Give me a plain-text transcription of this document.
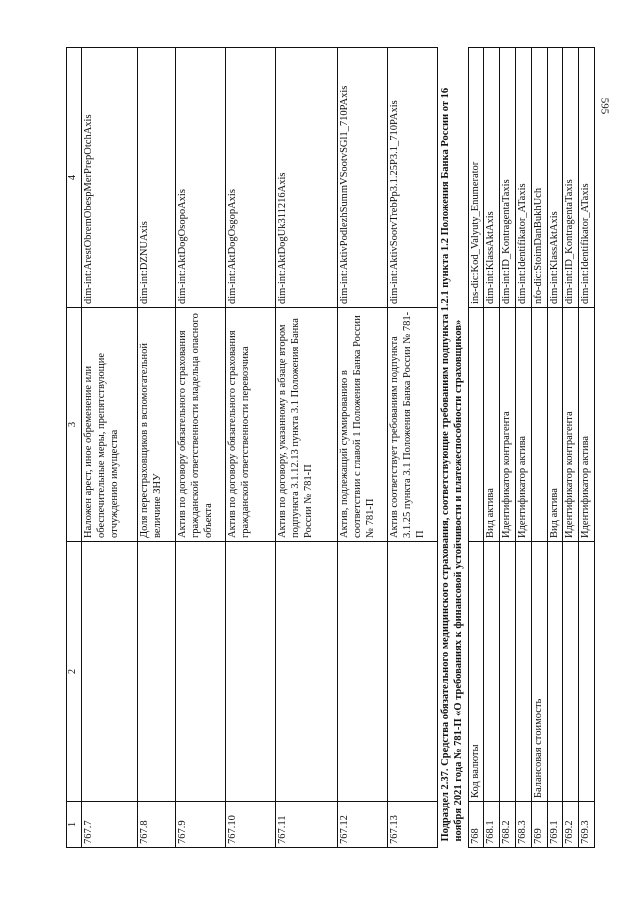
595
1	2	3	4
767.7		Наложен арест, иное обременение или обеспечительные меры, препятствующие отчуждению имущества	dim-int:ArestObremObespMerPrepOtchAxis
767.8		Доля перестраховщиков в вспомогательной величине ЗНУ	dim-int:DZNUAxis
767.9		Актив по договору обязательного страхования гражданской ответственности владельца опасного объекта	dim-int:AktDogOsopoAxis
767.10		Актив по договору обязательного страхования гражданской ответственности перевозчика	dim-int:AktDogOsgopAxis
767.11		Актив по договору, указанному в абзаце втором подпункта 3.1.12.13 пункта 3.1 Положения Банка России № 781-П	dim-int:AktDogUk311216Axis
767.12		Актив, подлежащий суммированию в соответствии с главой 1 Положения Банка России № 781-П	dim-int:AktivPodlezhSummVSootvSGl1_710PAxis
767.13		Актив соответствует требованиям подпункта 3.1.25 пункта 3.1 Положения Банка России № 781-П	dim-int:AktivSootvTrebPp3.1.25P3.1_710PAxis

Подраздел 2.37. Средства обязательного медицинского страхования, соответствующие требованиям подпункта 1.2.1 пункта 1.2 Положения Банка России от 16 ноября 2021 года № 781-П «О требованиях к финансовой устойчивости и платежеспособности страховщиков»			

768	Код валюты		ins-dic:Kod_Valyuty_Enumerator
768.1		Вид актива	dim-int:KlassAktAxis
768.2		Идентификатор контрагента	dim-int:ID_KontragentaTaxis
768.3		Идентификатор актива	dim-int:Identifikator_ATaxis
769	Балансовая стоимость		nfo-dic:StoimDanBukhUch
769.1		Вид актива	dim-int:KlassAktAxis
769.2		Идентификатор контрагента	dim-int:ID_KontragentaTaxis
769.3		Идентификатор актива	dim-int:Identifikator_ATaxis
